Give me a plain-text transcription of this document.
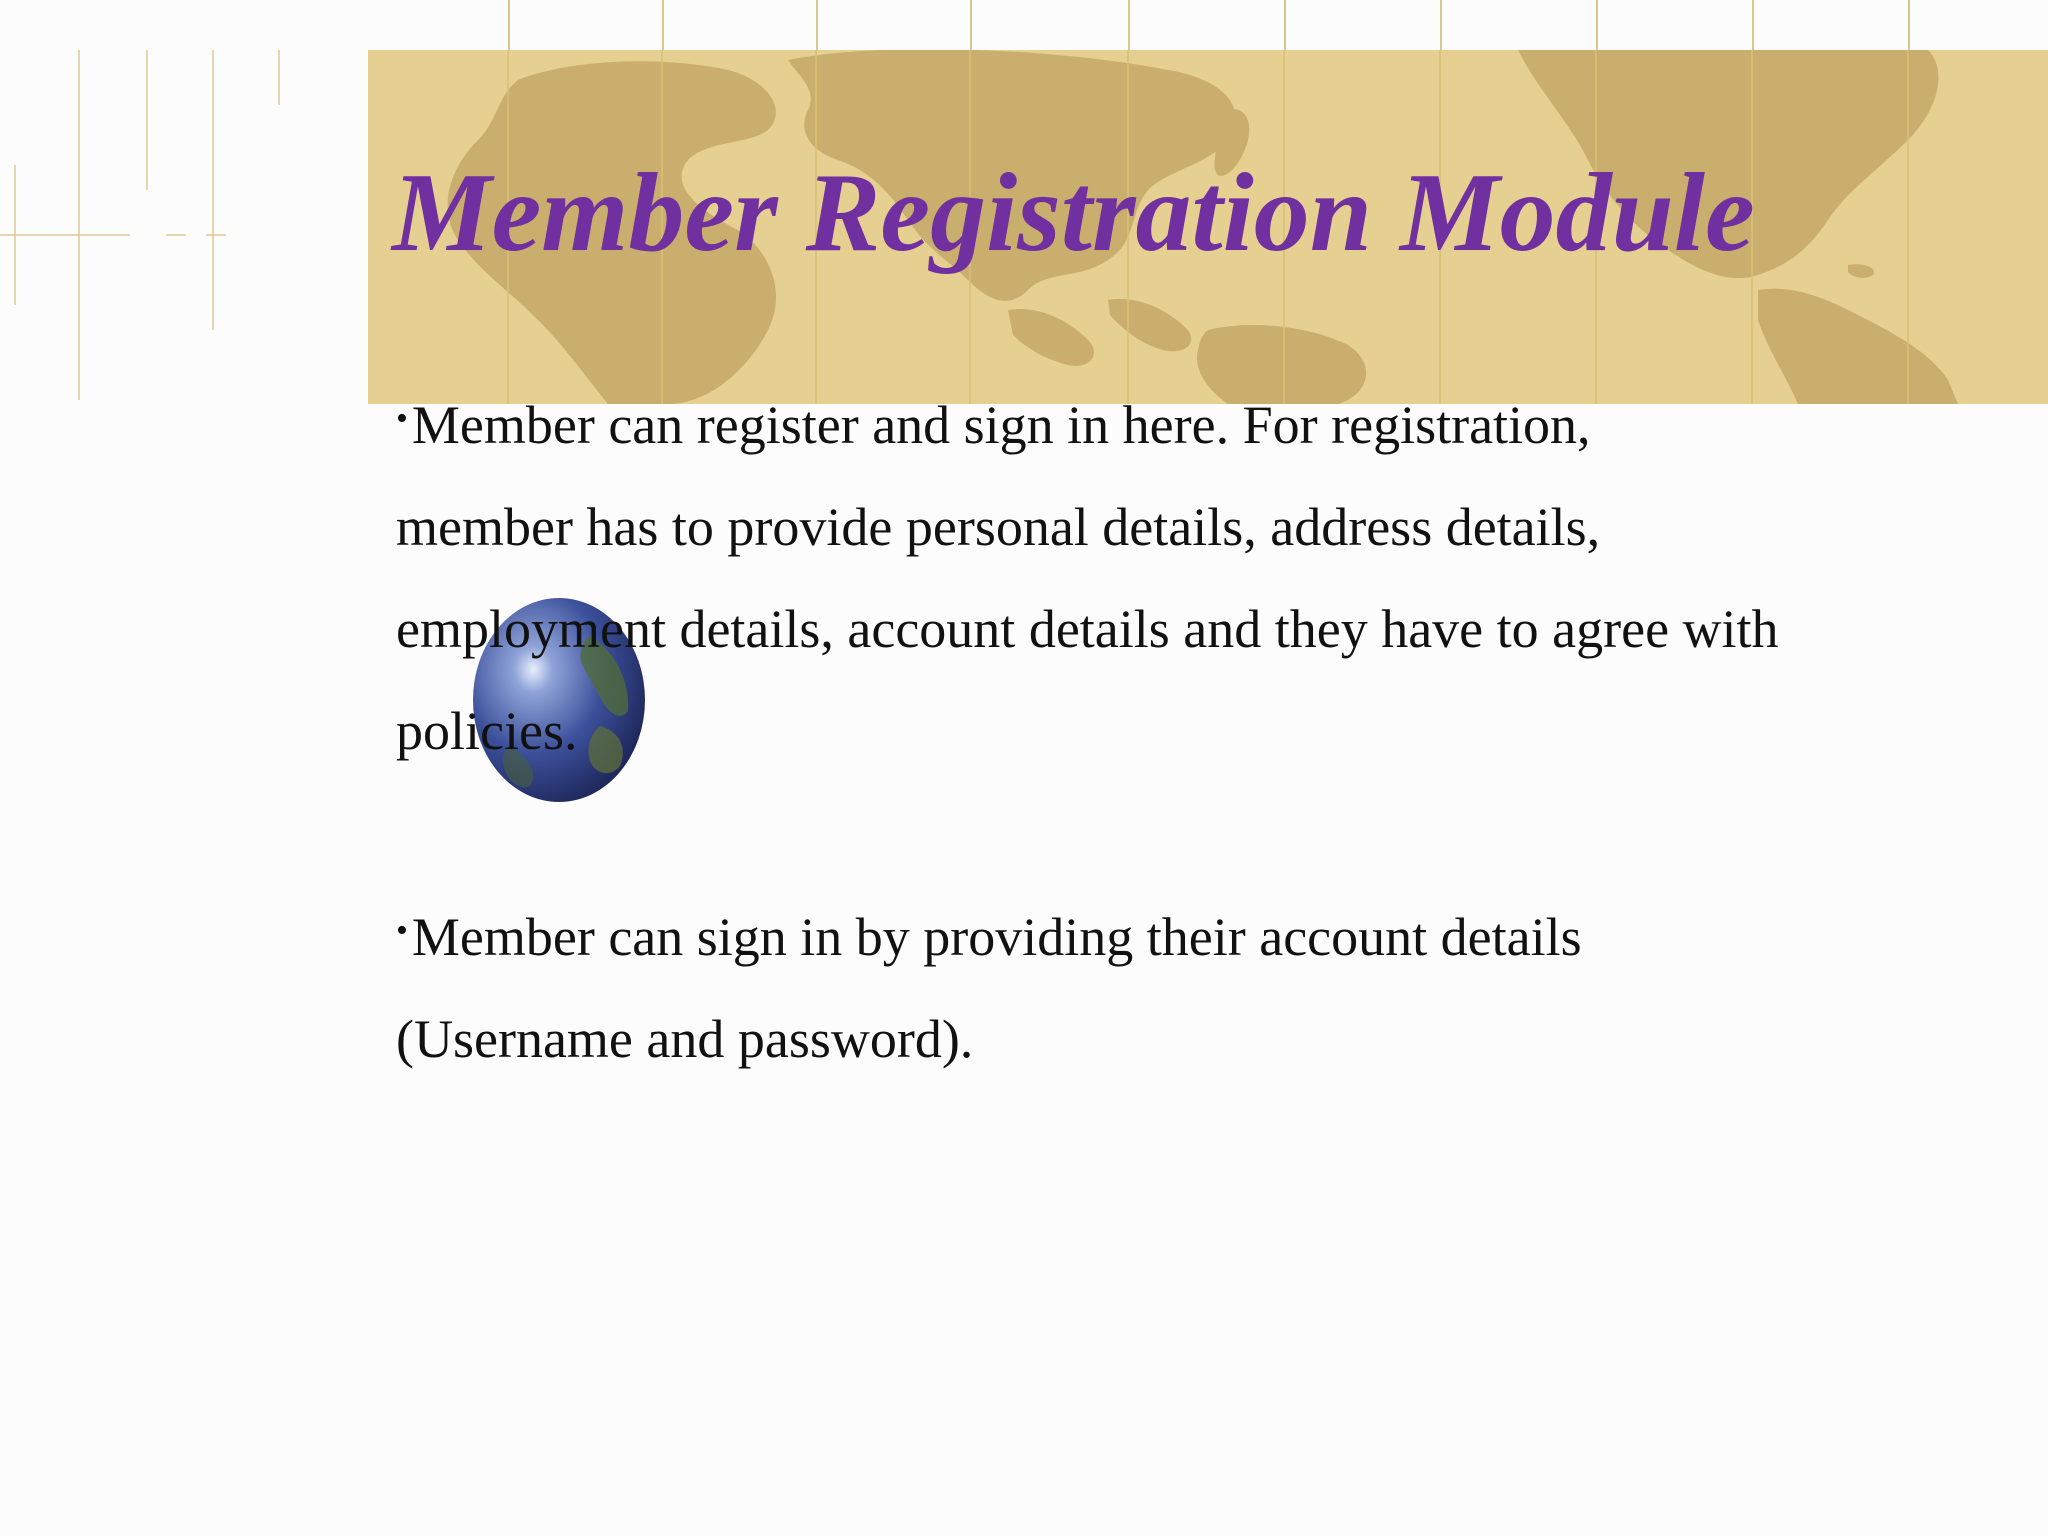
Member Registration Module
•Member can register and sign in here. For registration,
member has to provide personal details, address details,
employment details, account details and they have to agree with
policies.
•Member can sign in by providing their account details
(Username and password).
